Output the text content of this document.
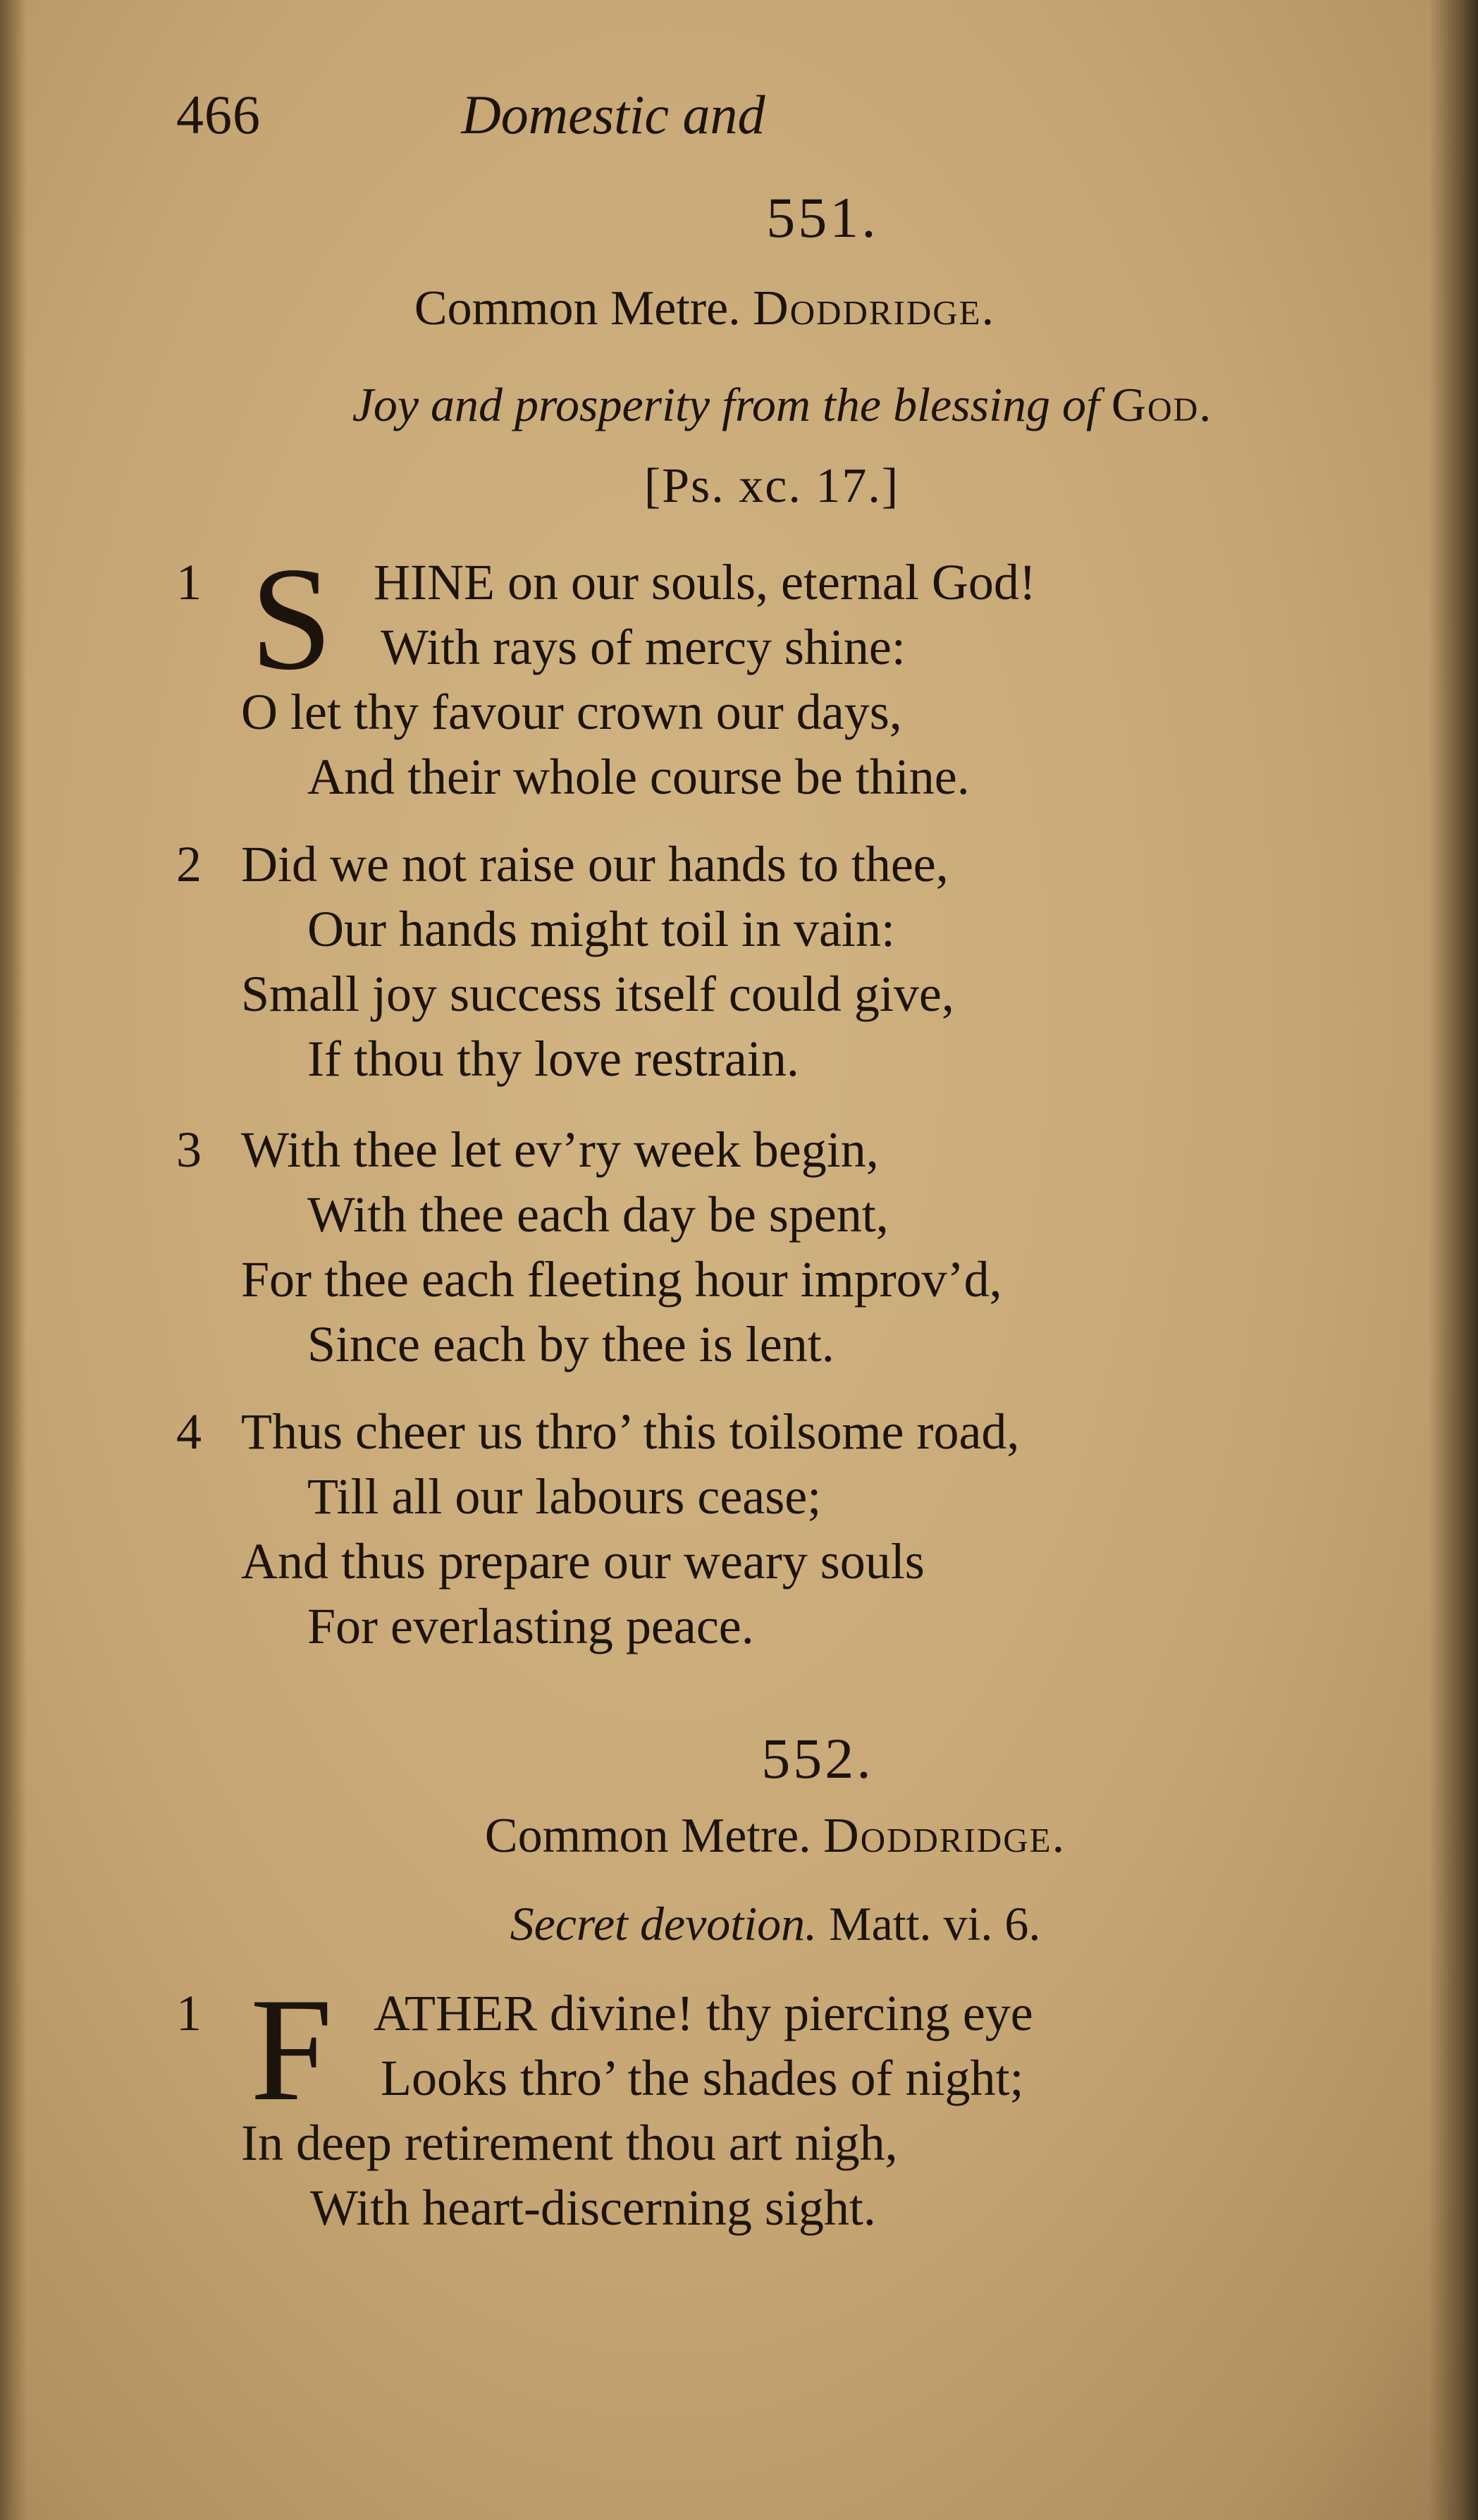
466	Domestic and
551.
Common Metre. Doddridge.
Joy and prosperity from the blessing of God.
[Ps. xc. 17.]
1 S HINE on our souls, eternal God!
With rays of mercy shine:
O let thy favour crown our days,
And their whole course be thine.
2 Did we not raise our hands to thee,
Our hands might toil in vain:
Small joy success itself could give,
If thou thy love restrain.
3 With thee let ev’ry week begin,
With thee each day be spent,
For thee each fleeting hour improv’d,
Since each by thee is lent.
4 Thus cheer us thro’ this toilsome road,
Till all our labours cease;
And thus prepare our weary souls
For everlasting peace.
552.
Common Metre. Doddridge.
Secret devotion. Matt. vi. 6.
1 F ATHER divine! thy piercing eye
Looks thro’ the shades of night;
In deep retirement thou art nigh,
With heart-discerning sight.
